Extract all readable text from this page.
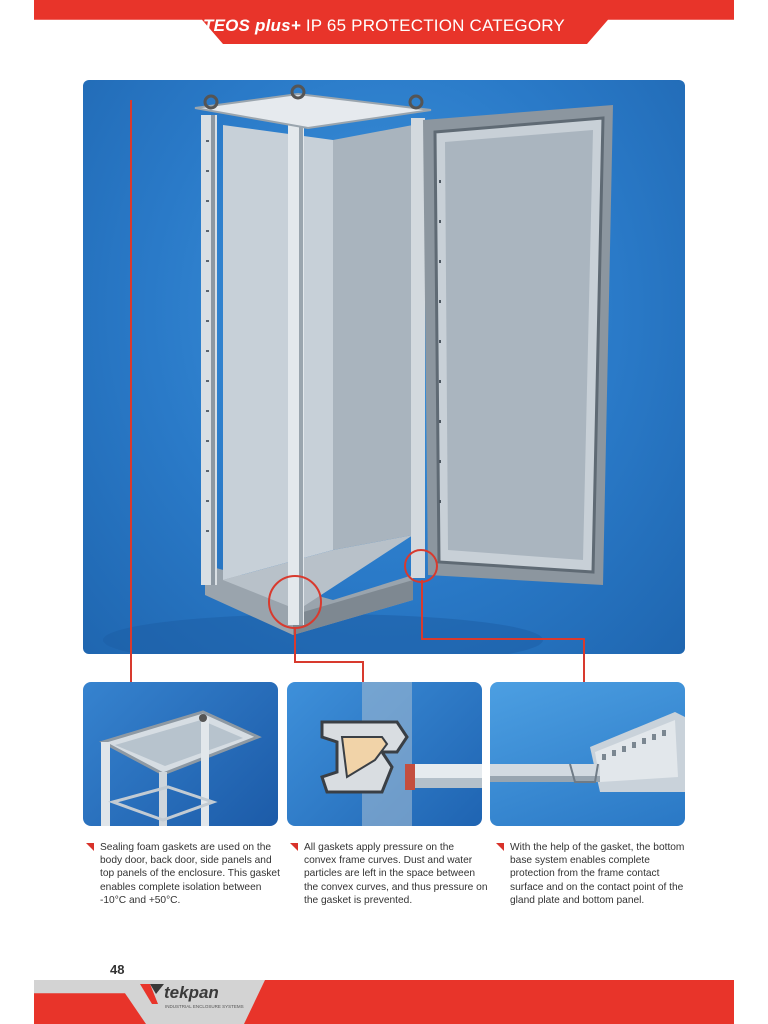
TEOS plus+ IP 65 PROTECTION CATEGORY
Sealing foam gaskets are used on the body door, back door, side panels and top panels of the enclosure. This gasket enables complete isolation between -10°C and +50°C.
All gaskets apply pressure on the convex frame curves. Dust and water particles are left in the space between the convex curves, and thus pressure on the gasket is prevented.
With the help of the gasket, the bottom base system enables complete protection from the frame contact surface and on the contact point of the gland plate and bottom panel.
48
tekpan
INDUSTRIAL ENCLOSURE SYSTEMS
